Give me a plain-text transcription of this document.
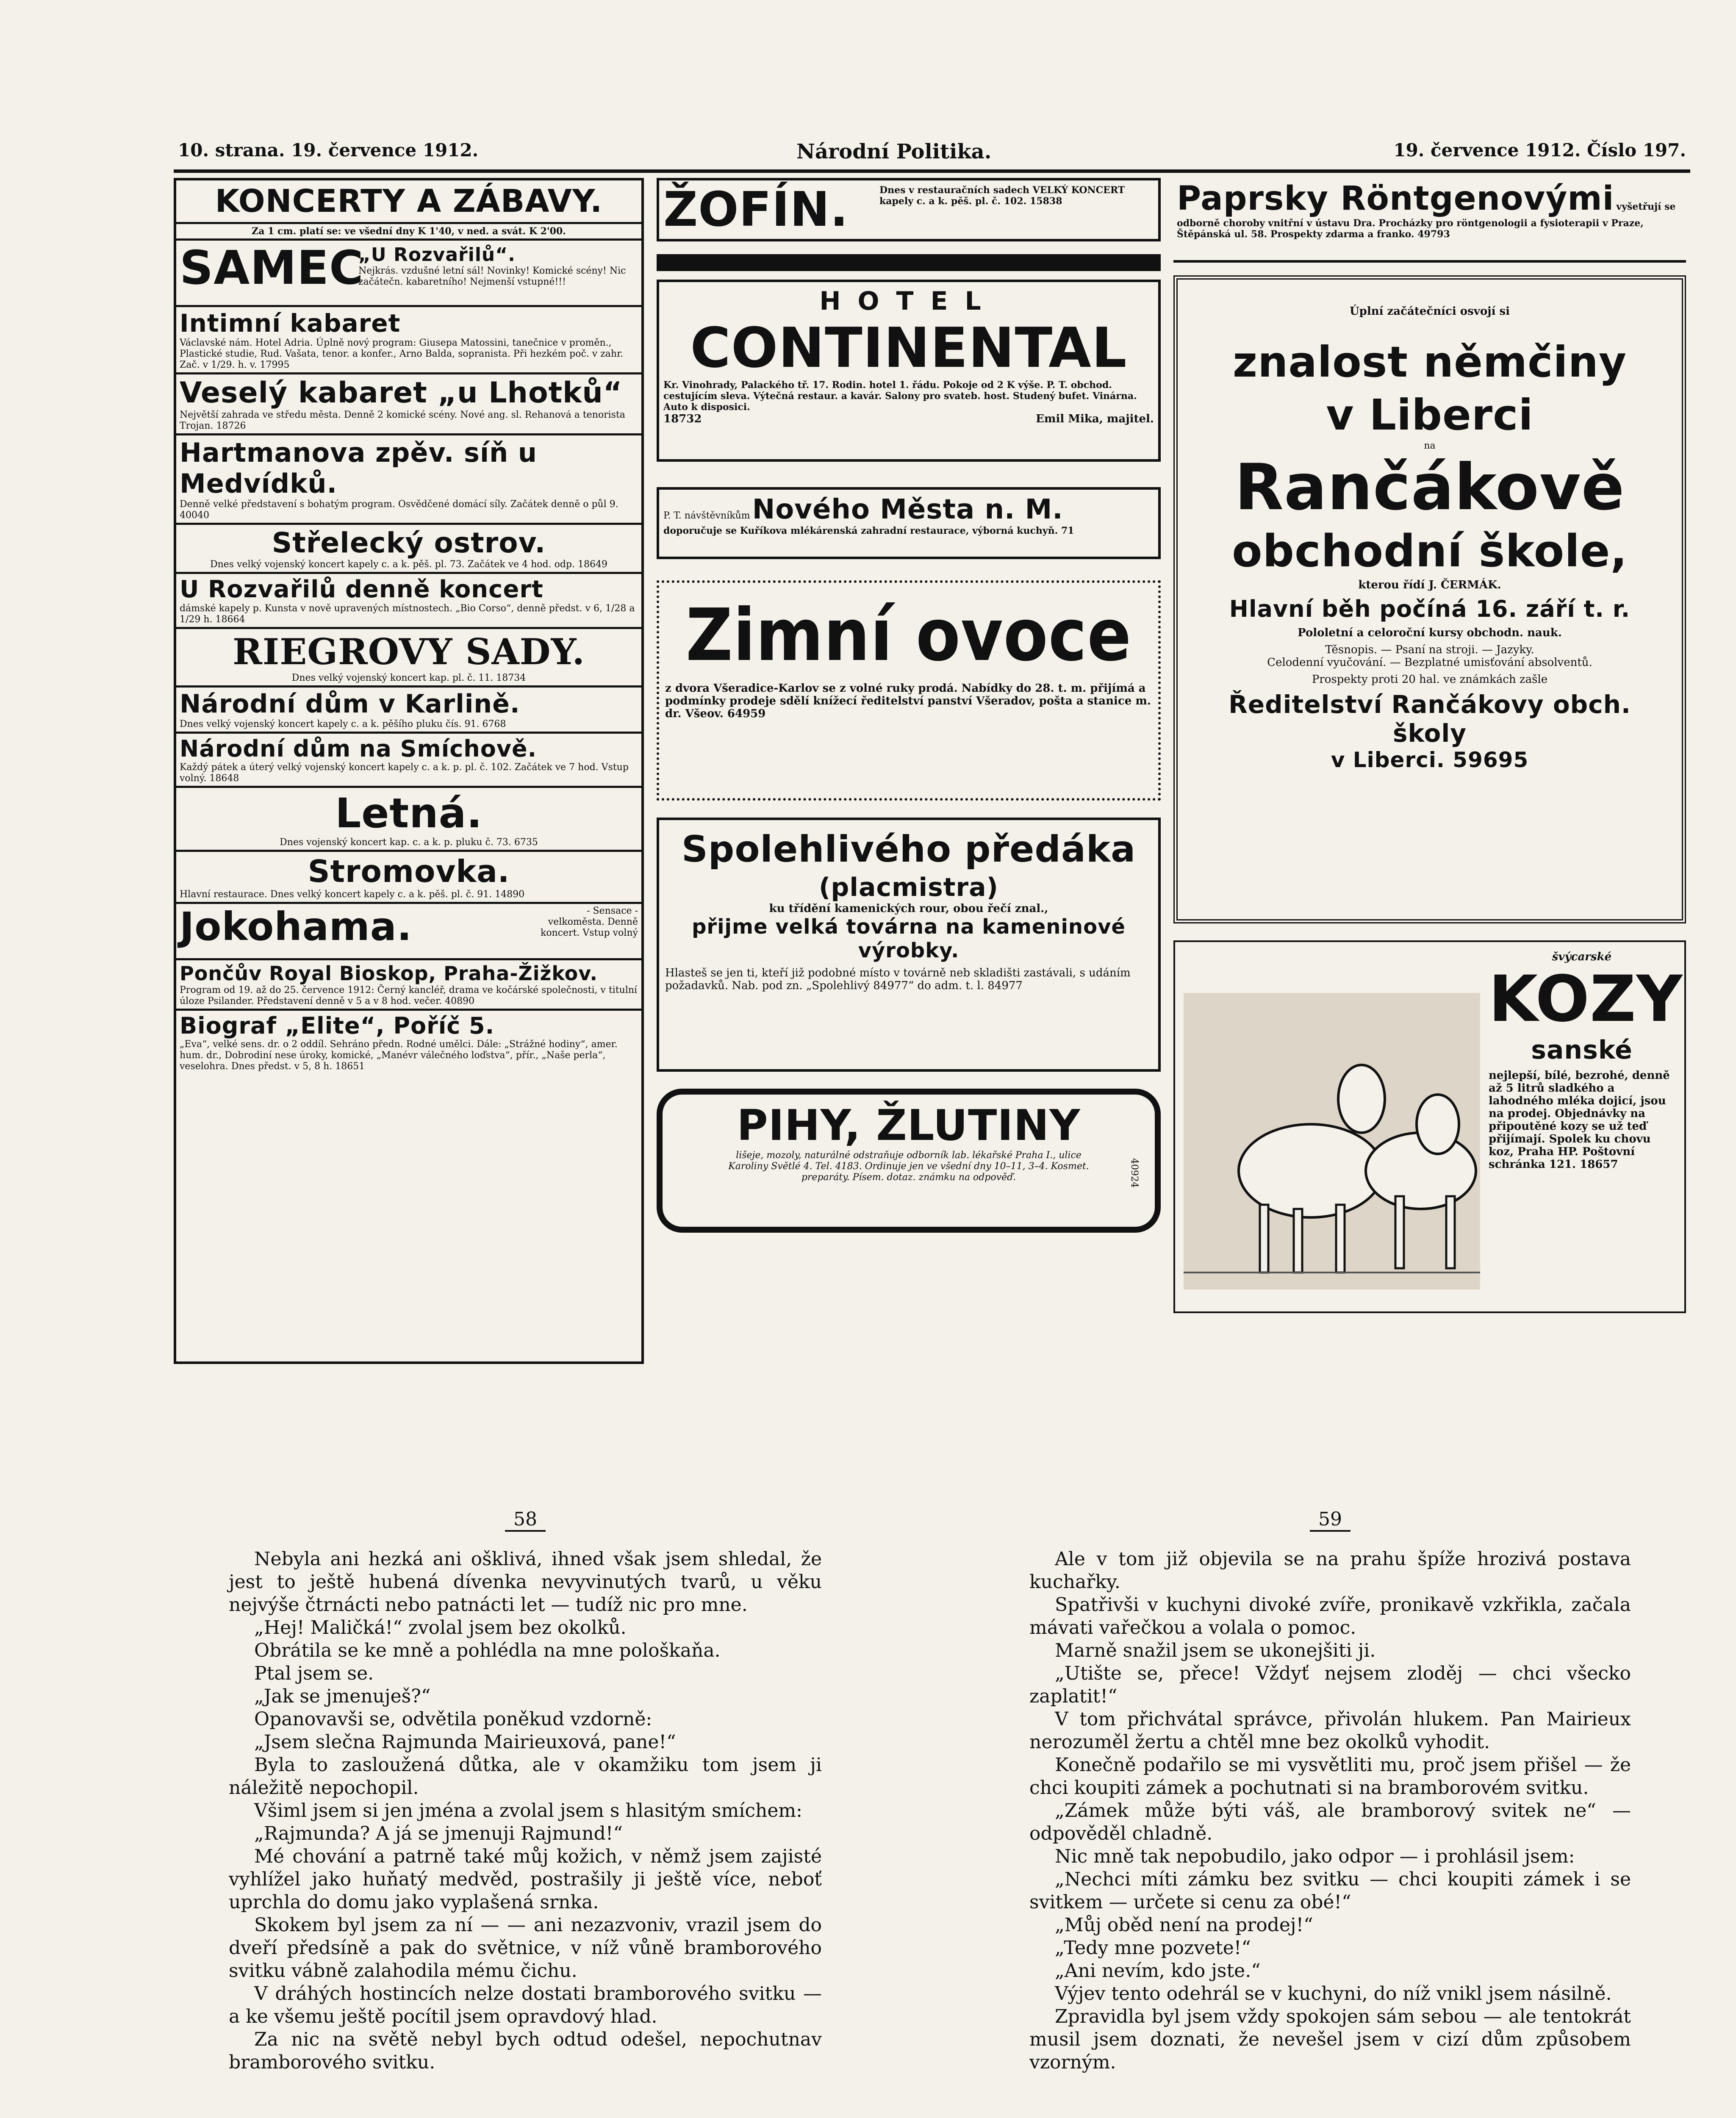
10. strana. 19. července 1912.	Národní Politika.	19. července 1912. Číslo 197.
KONCERTY A ZÁBAVY.
Za 1 cm. platí se: ve všední dny K 1'40, v ned. a svát. K 2'00.
SAMEC
„U Rozvařilů“.
Nejkrás. vzdušné letní sál! Novinky! Komické scény! Nic začátečn. kabaretního! Nejmenší vstupné!!!
Intimní kabaret
Václavské nám. Hotel Adria. Úplně nový program: Giusepa Matossini, tanečnice v proměn., Plastické studie, Rud. Vašata, tenor. a konfer., Arno Balda, sopranista. Při hezkém poč. v zahr. Zač. v 1/29. h. v. 17995
Veselý kabaret „u Lhotků“
Největší zahrada ve středu města. Denně 2 komické scény. Nové ang. sl. Rehanová a tenorista Trojan. 18726
Hartmanova zpěv. síň u Medvídků.
Denně velké představení s bohatým program. Osvědčené domácí síly. Začátek denně o půl 9. 40040
Střelecký ostrov.
Dnes velký vojenský koncert kapely c. a k. pěš. pl. 73. Začátek ve 4 hod. odp. 18649
U Rozvařilů denně koncert
dámské kapely p. Kunsta v nově upravených místnostech. „Bio Corso“, denně předst. v 6, 1/28 a 1/29 h. 18664
RIEGROVY SADY.
Dnes velký vojenský koncert kap. pl. č. 11. 18734
Národní dům v Karlině.
Dnes velký vojenský koncert kapely c. a k. pěšího pluku čís. 91. 6768
Národní dům na Smíchově.
Každý pátek a úterý velký vojenský koncert kapely c. a k. p. pl. č. 102. Začátek ve 7 hod. Vstup volný. 18648
Letná.
Dnes vojenský koncert kap. c. a k. p. pluku č. 73. 6735
Stromovka.
Hlavní restaurace. Dnes velký koncert kapely c. a k. pěš. pl. č. 91. 14890
Jokohama.	- Sensace - velkoměsta. Denně koncert. Vstup volný
Pončův Royal Bioskop, Praha-Žižkov.
Program od 19. až do 25. července 1912: Černý kancléř, drama ve kočárské společnosti, v titulní úloze Psilander. Představení denně v 5 a v 8 hod. večer. 40890
Biograf „Elite“, Poříč 5.
„Eva“, velké sens. dr. o 2 oddíl. Sehráno předn. Rodné umělci. Dále: „Strážné hodiny“, amer. hum. dr., Dobrodiní nese úroky, komické, „Manévr válečného loďstva“, přír., „Naše perla“, veselohra. Dnes předst. v 5, 8 h. 18651
ŽOFÍN.	Dnes v restauračních sadech VELKÝ KONCERT kapely c. a k. pěš. pl. č. 102. 15838
HOTEL
CONTINENTAL
Kr. Vinohrady, Palackého tř. 17. Rodin. hotel 1. řádu. Pokoje od 2 K výše. P. T. obchod. cestujícím sleva. Výtečná restaur. a kavár. Salony pro svateb. host. Studený bufet. Vinárna. Auto k disposici.
18732	Emil Mika, majitel.
P. T. návštěvníkům Nového Města n. M.
doporučuje se Kuříkova mlékárenská zahradní restaurace, výborná kuchyň. 71
Zimní ovoce
z dvora Všeradice-Karlov se z volné ruky prodá. Nabídky do 28. t. m. přijímá a podmínky prodeje sdělí knížecí ředitelství panství Všeradov, pošta a stanice m. dr. Všeov. 64959
Spolehlivého předáka
(placmistra)
ku třídění kamenických rour, obou řečí znal.,
přijme velká továrna na kameninové výrobky.
Hlasteš se jen ti, kteří již podobné místo v továrně neb skladišti zastávali, s udáním požadavků. Nab. pod zn. „Spolehlivý 84977“ do adm. t. l. 84977
PIHY, ŽLUTINY
lišeje, mozoly, naturálné odstraňuje odborník lab. lékařské Praha I., ulice Karoliny Světlé 4. Tel. 4183. Ordinuje jen ve všední dny 10–11, 3–4. Kosmet. preparáty. Písem. dotaz. známku na odpověď.	40924
Paprsky Röntgenovými vyšetřují se odborně choroby vnitřní v ústavu Dra. Procházky pro röntgenologii a fysioterapii v Praze, Štěpánská ul. 58. Prospekty zdarma a franko. 49793
Úplní začátečníci osvojí si
znalost němčiny
v Liberci
na
Rančákově
obchodní škole,
kterou řídí J. ČERMÁK.
Hlavní běh počíná 16. září t. r.
Pololetní a celoroční kursy obchodn. nauk.
Těsnopis. — Psaní na stroji. — Jazyky.
Celodenní vyučování. — Bezplatné umisťování absolventů.
Prospekty proti 20 hal. ve známkách zašle
Ředitelství Rančákovy obch. školy
v Liberci. 59695
švýcarské
KOZY
sanské
nejlepší, bílé, bezrohé, denně až 5 litrů sladkého a lahodného mléka dojicí, jsou na prodej. Objednávky na připoutěné kozy se už teď přijímají. Spolek ku chovu koz, Praha HP. Poštovní schránka 121. 18657
58
Nebyla ani hezká ani ošklivá, ihned však jsem shledal, že jest to ještě hubená dívenka nevyvinutých tvarů, u věku nejvýše čtrnácti nebo patnácti let — tudíž nic pro mne.
„Hej! Maličká!“ zvolal jsem bez okolků.
Obrátila se ke mně a pohlédla na mne pološkaňa.
Ptal jsem se.
„Jak se jmenuješ?“
Opanovavši se, odvětila poněkud vzdorně:
„Jsem slečna Rajmunda Mairieuxová, pane!“
Byla to zasloužená důtka, ale v okamžiku tom jsem ji náležitě nepochopil.
Všiml jsem si jen jména a zvolal jsem s hlasitým smíchem:
„Rajmunda? A já se jmenuji Rajmund!“
Mé chování a patrně také můj kožich, v němž jsem zajisté vyhlížel jako huňatý medvěd, postrašily ji ještě více, neboť uprchla do domu jako vyplašená srnka.
Skokem byl jsem za ní — — ani nezazvoniv, vrazil jsem do dveří předsíně a pak do světnice, v níž vůně bramborového svitku vábně zalahodila mému čichu.
V dráhých hostincích nelze dostati bramborového svitku — a ke všemu ještě pocítil jsem opravdový hlad.
Za nic na světě nebyl bych odtud odešel, nepochutnav bramborového svitku.
59
Ale v tom již objevila se na prahu špíže hrozivá postava kuchařky.
Spatřivši v kuchyni divoké zvíře, pronikavě vzkřikla, začala mávati vařečkou a volala o pomoc.
Marně snažil jsem se ukonejšiti ji.
„Utište se, přece! Vždyť nejsem zloděj — chci všecko zaplatit!“
V tom přichvátal správce, přivolán hlukem. Pan Mairieux nerozuměl žertu a chtěl mne bez okolků vyhodit.
Konečně podařilo se mi vysvětliti mu, proč jsem přišel — že chci koupiti zámek a pochutnati si na bramborovém svitku.
„Zámek může býti váš, ale bramborový svitek ne“ — odpověděl chladně.
Nic mně tak nepobudilo, jako odpor — i prohlásil jsem:
„Nechci míti zámku bez svitku — chci koupiti zámek i se svitkem — určete si cenu za obé!“
„Můj oběd není na prodej!“
„Tedy mne pozvete!“
„Ani nevím, kdo jste.“
Výjev tento odehrál se v kuchyni, do níž vnikl jsem násilně.
Zpravidla byl jsem vždy spokojen sám sebou — ale tentokrát musil jsem doznati, že nevešel jsem v cizí dům způsobem vzorným.
